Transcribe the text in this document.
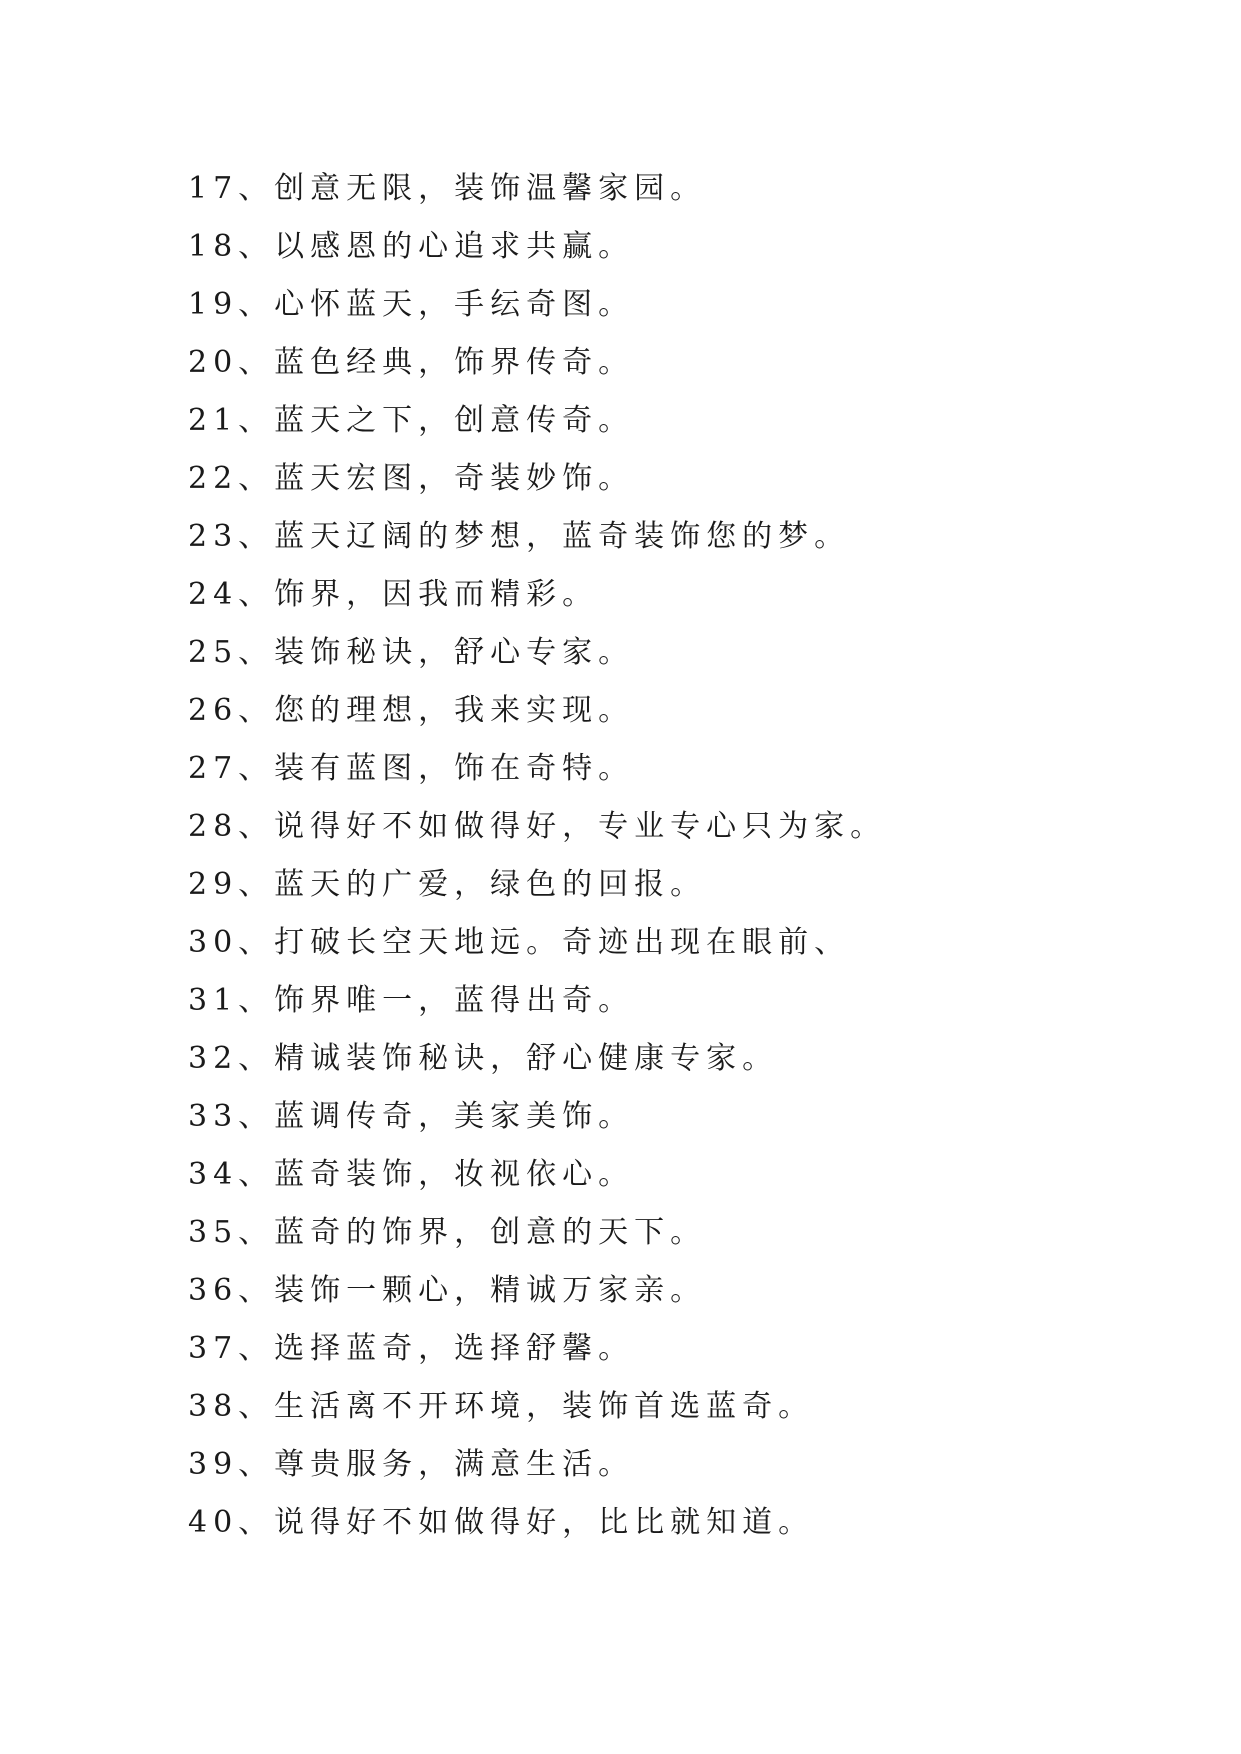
17、创意无限，装饰温馨家园。
18、以感恩的心追求共赢。
19、心怀蓝天，手纭奇图。
20、蓝色经典，饰界传奇。
21、蓝天之下，创意传奇。
22、蓝天宏图，奇装妙饰。
23、蓝天辽阔的梦想，蓝奇装饰您的梦。
24、饰界，因我而精彩。
25、装饰秘诀，舒心专家。
26、您的理想，我来实现。
27、装有蓝图，饰在奇特。
28、说得好不如做得好，专业专心只为家。
29、蓝天的广爱，绿色的回报。
30、打破长空天地远。奇迹出现在眼前、
31、饰界唯一，蓝得出奇。
32、精诚装饰秘诀，舒心健康专家。
33、蓝调传奇，美家美饰。
34、蓝奇装饰，妆视依心。
35、蓝奇的饰界，创意的天下。
36、装饰一颗心，精诚万家亲。
37、选择蓝奇，选择舒馨。
38、生活离不开环境，装饰首选蓝奇。
39、尊贵服务，满意生活。
40、说得好不如做得好，比比就知道。
